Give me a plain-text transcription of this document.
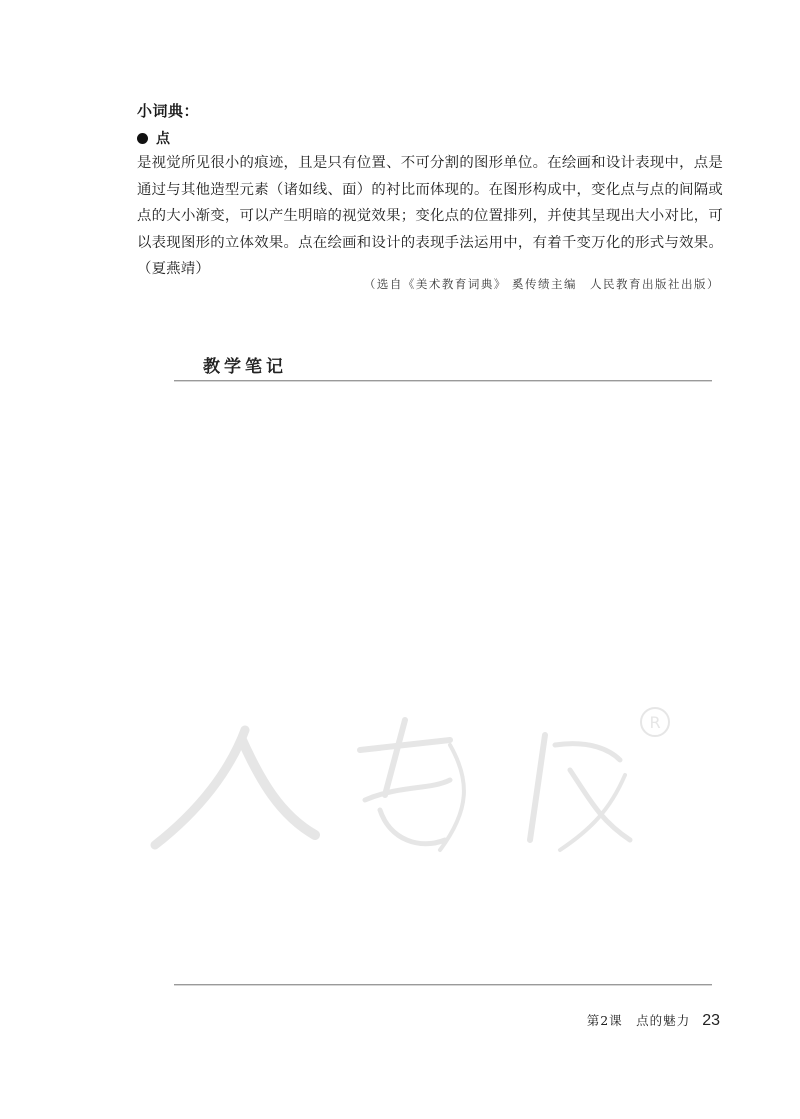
小词典：
点

是视觉所见很小的痕迹，且是只有位置、不可分割的图形单位。在绘画和设计表现中，点是通过与其他造型元素（诸如线、面）的衬比而体现的。在图形构成中，变化点与点的间隔或点的大小渐变，可以产生明暗的视觉效果；变化点的位置排列，并使其呈现出大小对比，可以表现图形的立体效果。点在绘画和设计的表现手法运用中，有着千变万化的形式与效果。（夏燕靖）

（选自《美术教育词典》 奚传绩主编　人民教育出版社出版）

教学笔记
R
第2课　点的魅力 23
